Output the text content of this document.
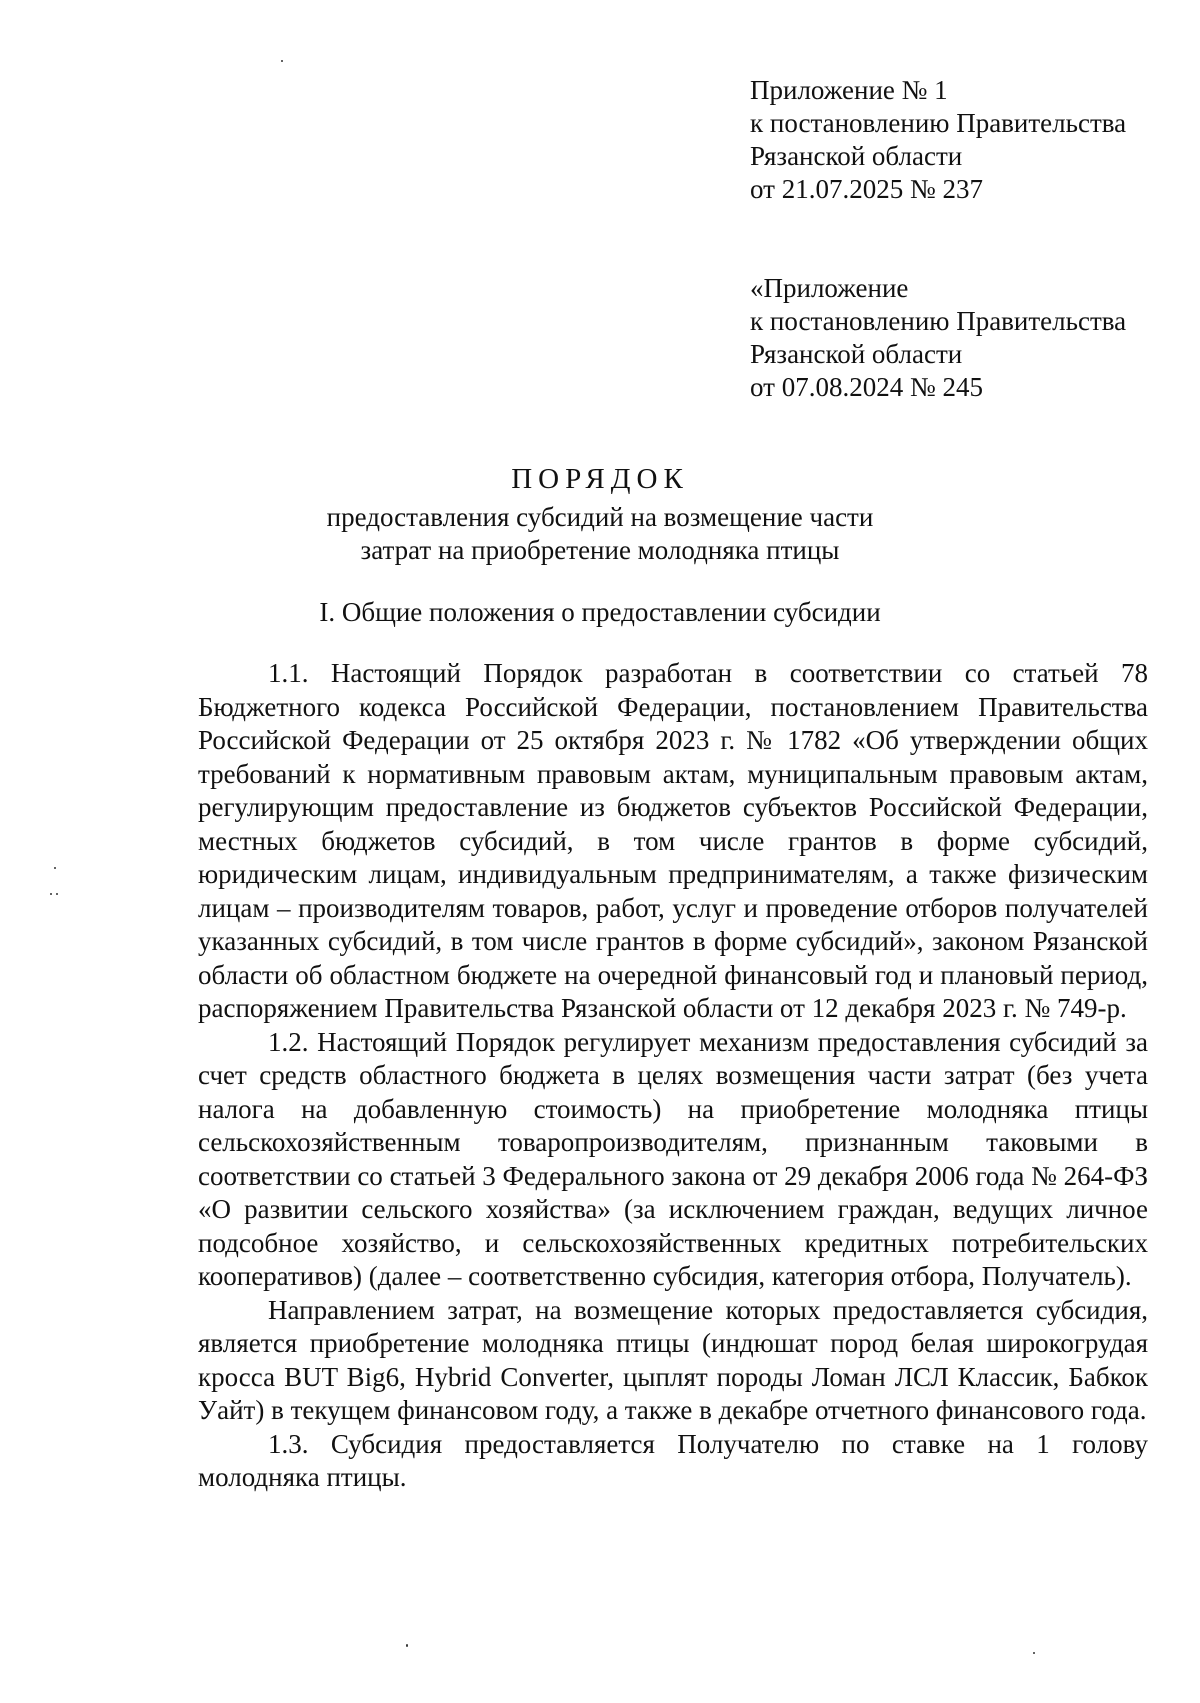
Приложение № 1
к постановлению Правительства
Рязанской области
от 21.07.2025 № 237
«Приложение
к постановлению Правительства
Рязанской области
от 07.08.2024 № 245
ПОРЯДОК
предоставления субсидий на возмещение части
затрат на приобретение молодняка птицы
I. Общие положения о предоставлении субсидии

1.1. Настоящий Порядок разработан в соответствии со статьей 78 Бюджетного кодекса Российской Федерации, постановлением Правительства Российской Федерации от 25 октября 2023 г. № 1782 «Об утверждении общих требований к нормативным правовым актам, муниципальным правовым актам, регулирующим предоставление из бюджетов субъектов Российской Федерации, местных бюджетов субсидий, в том числе грантов в форме субсидий, юридическим лицам, индивидуальным предпринимателям, а также физическим лицам – производителям товаров, работ, услуг и проведение отборов получателей указанных субсидий, в том числе грантов в форме субсидий», законом Рязанской области об областном бюджете на очередной финансовый год и плановый период, распоряжением Правительства Рязанской области от 12 декабря 2023 г. № 749-р.

1.2. Настоящий Порядок регулирует механизм предоставления субсидий за счет средств областного бюджета в целях возмещения части затрат (без учета налога на добавленную стоимость) на приобретение молодняка птицы сельскохозяйственным товаропроизводителям, признанным таковыми в соответствии со статьей 3 Федерального закона от 29 декабря 2006 года № 264-ФЗ «О развитии сельского хозяйства» (за исключением граждан, ведущих личное подсобное хозяйство, и сельскохозяйственных кредитных потребительских кооперативов) (далее – соответственно субсидия, категория отбора, Получатель).

Направлением затрат, на возмещение которых предоставляется субсидия, является приобретение молодняка птицы (индюшат пород белая широкогрудая кросса BUT Big6, Hybrid Converter, цыплят породы Ломан ЛСЛ Классик, Бабкок Уайт) в текущем финансовом году, а также в декабре отчетного финансового года.

1.3. Субсидия предоставляется Получателю по ставке на 1 голову молодняка птицы.
